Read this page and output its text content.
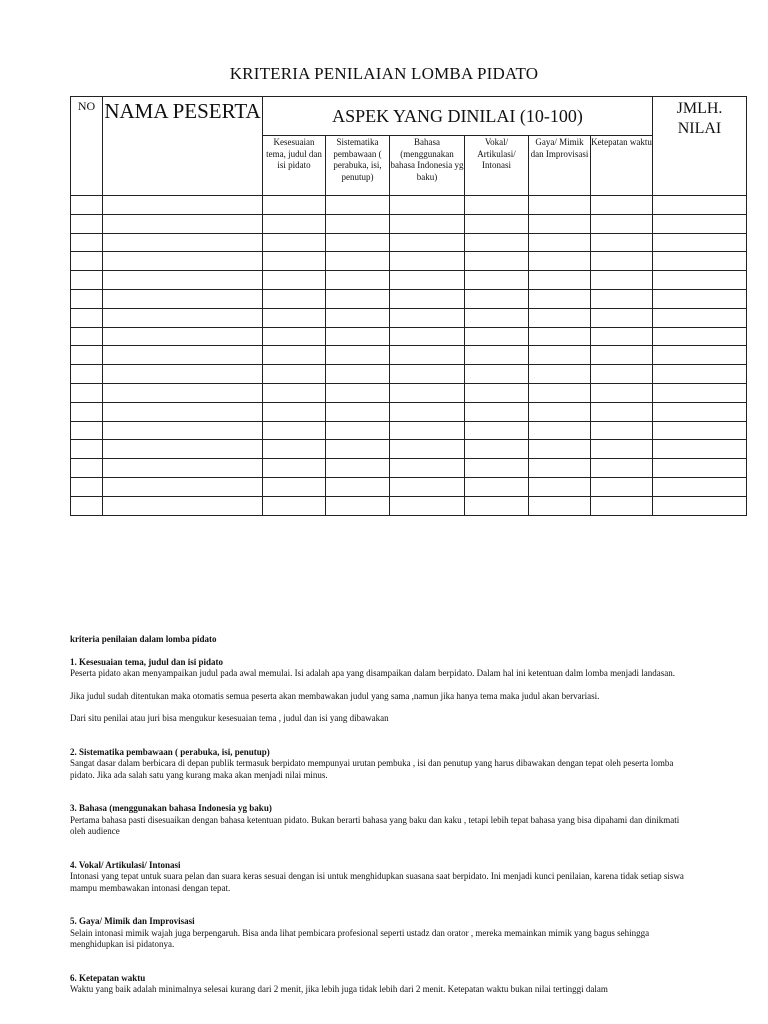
KRITERIA PENILAIAN LOMBA PIDATO
NO	NAMA PESERTA	ASPEK YANG DINILAI (10-100)						JMLH. NILAI
		Kesesuaian tema, judul dan isi pidato	Sistematika pembawaan ( perabuka, isi, penutup)	Bahasa (menggunakan bahasa Indonesia yg baku)	Vokal/ Artikulasi/ Intonasi	Gaya/ Mimik dan Improvisasi	Ketepatan waktu	

kriteria penilaian dalam lomba pidato

1. Kesesuaian tema, judul dan isi pidato

Peserta pidato akan menyampaikan judul pada awal memulai. Isi adalah apa yang disampaikan dalam berpidato. Dalam hal ini ketentuan dalm lomba menjadi landasan.

Jika judul sudah ditentukan maka otomatis semua peserta akan membawakan judul yang sama ,namun jika hanya tema maka judul akan bervariasi.

Dari situ penilai atau juri bisa mengukur kesesuaian tema , judul dan isi yang dibawakan

2. Sistematika pembawaan ( perabuka, isi, penutup)

Sangat dasar dalam berbicara di depan publik termasuk berpidato mempunyai urutan pembuka , isi dan penutup yang harus dibawakan dengan tepat oleh peserta lomba pidato. Jika ada salah satu yang kurang maka akan menjadi nilai minus.

3. Bahasa (menggunakan bahasa Indonesia yg baku)

Pertama bahasa pasti disesuaikan dengan bahasa ketentuan pidato. Bukan berarti bahasa yang baku dan kaku , tetapi lebih tepat bahasa yang bisa dipahami dan dinikmati oleh audience

4. Vokal/ Artikulasi/ Intonasi

Intonasi yang tepat untuk suara pelan dan suara keras sesuai dengan isi untuk menghidupkan suasana saat berpidato. Ini menjadi kunci penilaian, karena tidak setiap siswa mampu membawakan intonasi dengan tepat.

5. Gaya/ Mimik dan Improvisasi

Selain intonasi mimik wajah juga berpengaruh. Bisa anda lihat pembicara profesional seperti ustadz dan orator , mereka memainkan mimik yang bagus sehingga menghidupkan isi pidatonya.

6. Ketepatan waktu

Waktu yang baik adalah minimalnya selesai kurang dari 2 menit, jika lebih juga tidak lebih dari 2 menit. Ketepatan waktu bukan nilai tertinggi dalam
